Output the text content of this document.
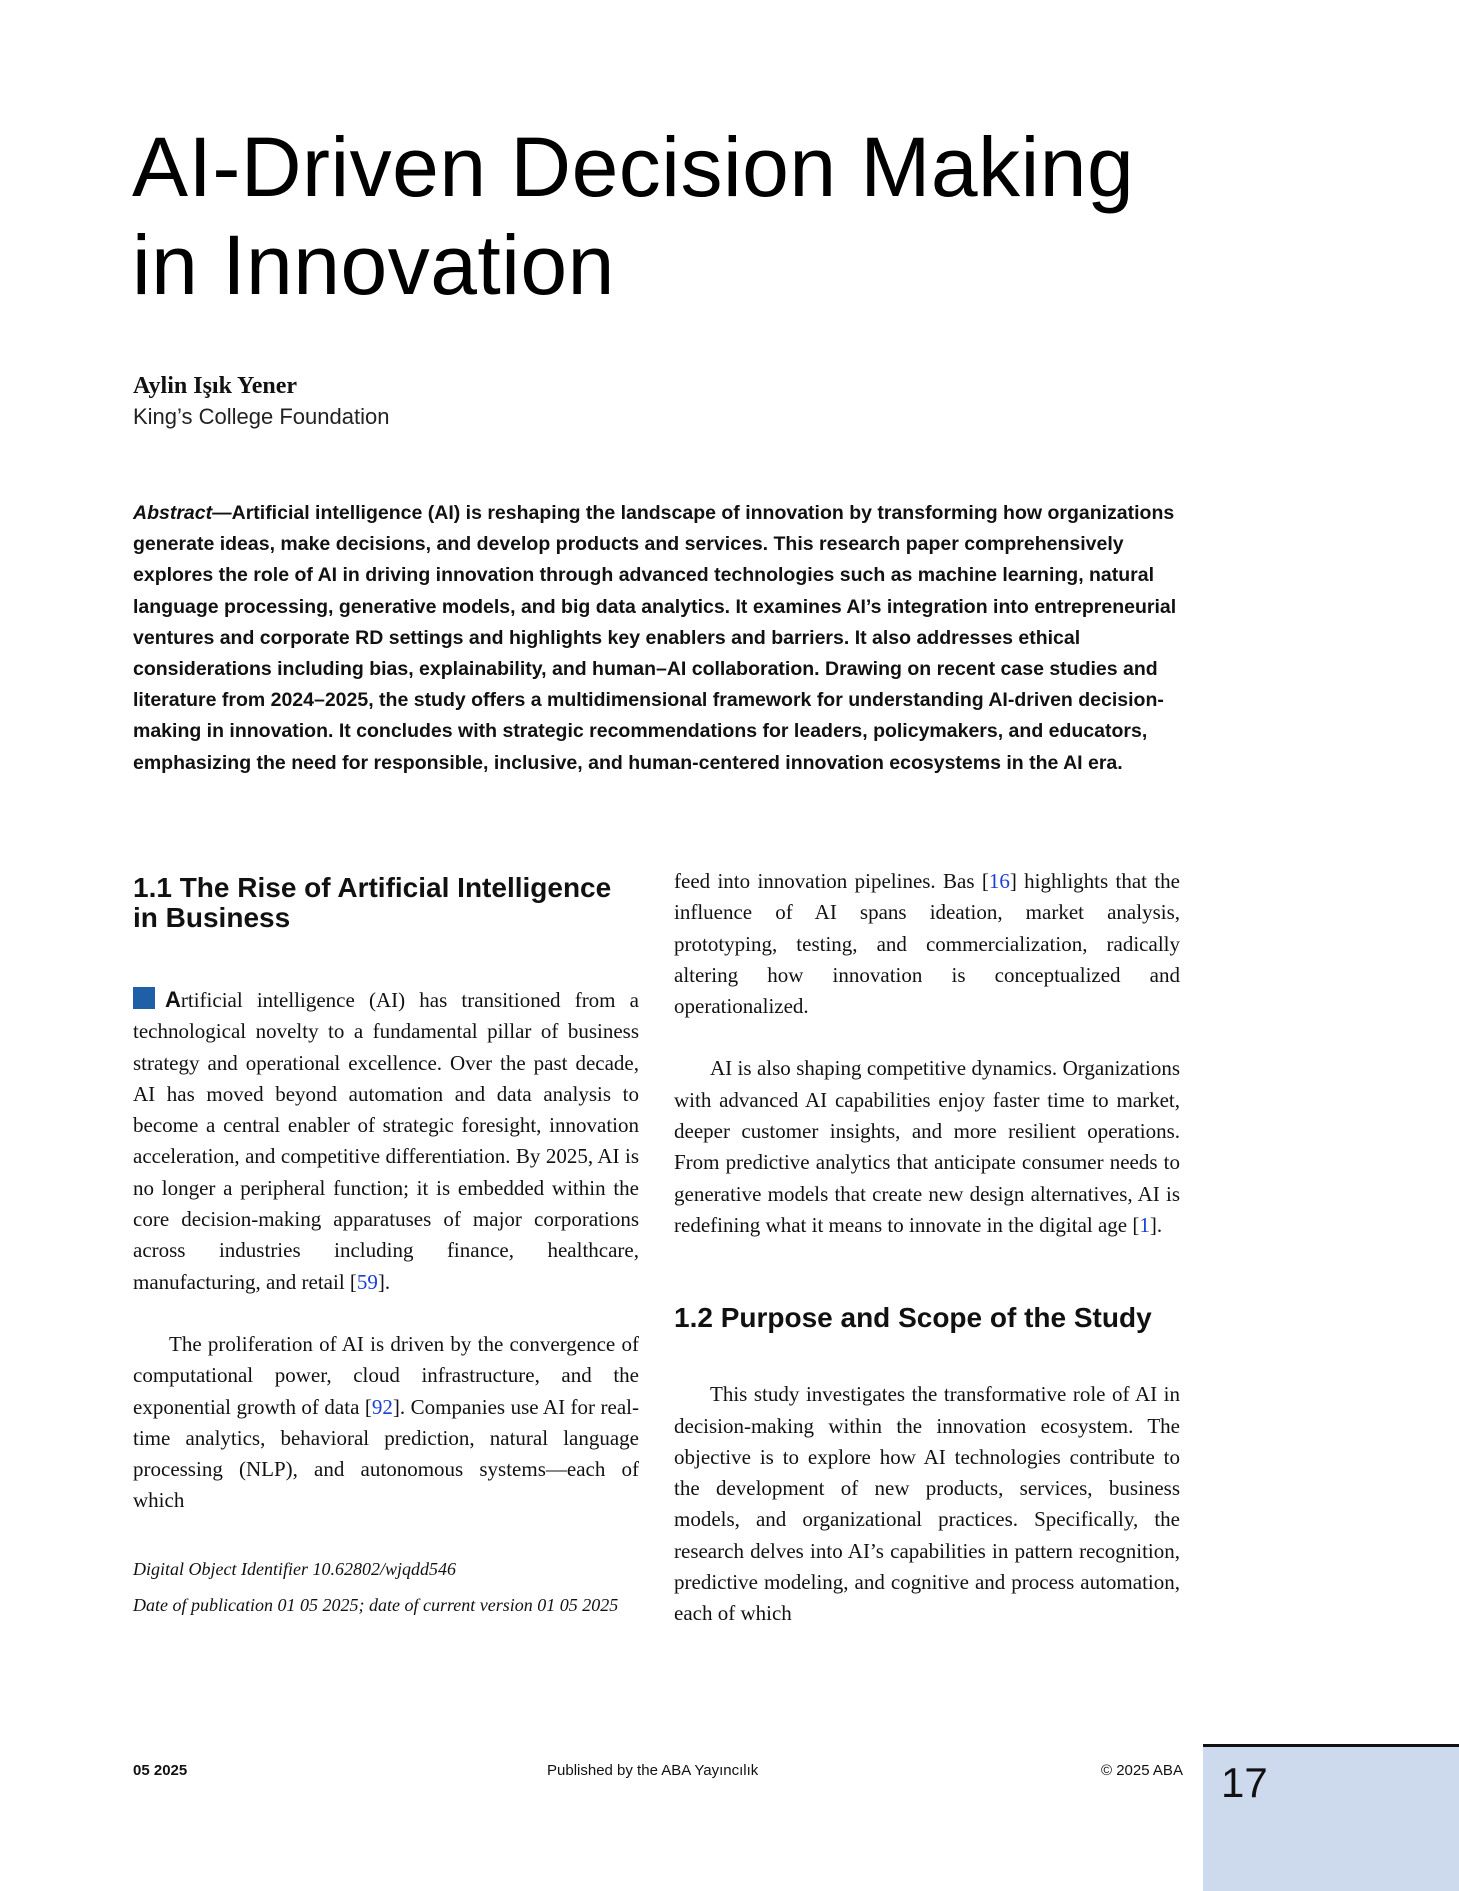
AI-Driven Decision Making
in Innovation
Aylin Işık Yener
King’s College Foundation
Abstract—Artificial intelligence (AI) is reshaping the landscape of innovation by transforming how organizations generate ideas, make decisions, and develop products and services. This research paper comprehensively explores the role of AI in driving innovation through advanced technologies such as machine learning, natural language processing, generative models, and big data analytics. It examines AI’s integration into entrepreneurial ventures and corporate RD settings and highlights key enablers and barriers. It also addresses ethical considerations including bias, explainability, and human–AI collaboration. Drawing on recent case studies and literature from 2024–2025, the study offers a multidimensional framework for understanding AI-driven decision-making in innovation. It concludes with strategic recommendations for leaders, policymakers, and educators, emphasizing the need for responsible, inclusive, and human-centered innovation ecosystems in the AI era.
1.1 The Rise of Artificial Intelligence in Business

Artificial intelligence (AI) has transitioned from a technological novelty to a fundamental pillar of business strategy and operational excellence. Over the past decade, AI has moved beyond automation and data analysis to become a central enabler of strategic foresight, innovation acceleration, and competitive differentiation. By 2025, AI is no longer a peripheral function; it is embedded within the core decision-making apparatuses of major corporations across industries including finance, healthcare, manufacturing, and retail [59].

The proliferation of AI is driven by the convergence of computational power, cloud infrastructure, and the exponential growth of data [92]. Companies use AI for real-time analytics, behavioral prediction, natural language processing (NLP), and autonomous systems—each of which

Digital Object Identifier 10.62802/wjqdd546
Date of publication 01 05 2025; date of current version 01 05 2025

feed into innovation pipelines. Bas [16] highlights that the influence of AI spans ideation, market analysis, prototyping, testing, and commercialization, radically altering how innovation is conceptualized and operationalized.

AI is also shaping competitive dynamics. Organizations with advanced AI capabilities enjoy faster time to market, deeper customer insights, and more resilient operations. From predictive analytics that anticipate consumer needs to generative models that create new design alternatives, AI is redefining what it means to innovate in the digital age [1].

1.2 Purpose and Scope of the Study

This study investigates the transformative role of AI in decision-making within the innovation ecosystem. The objective is to explore how AI technologies contribute to the development of new products, services, business models, and organizational practices. Specifically, the research delves into AI’s capabilities in pattern recognition, predictive modeling, and cognitive and process automation, each of which

05 2025	Published by the ABA Yayıncılık	© 2025 ABA 17
